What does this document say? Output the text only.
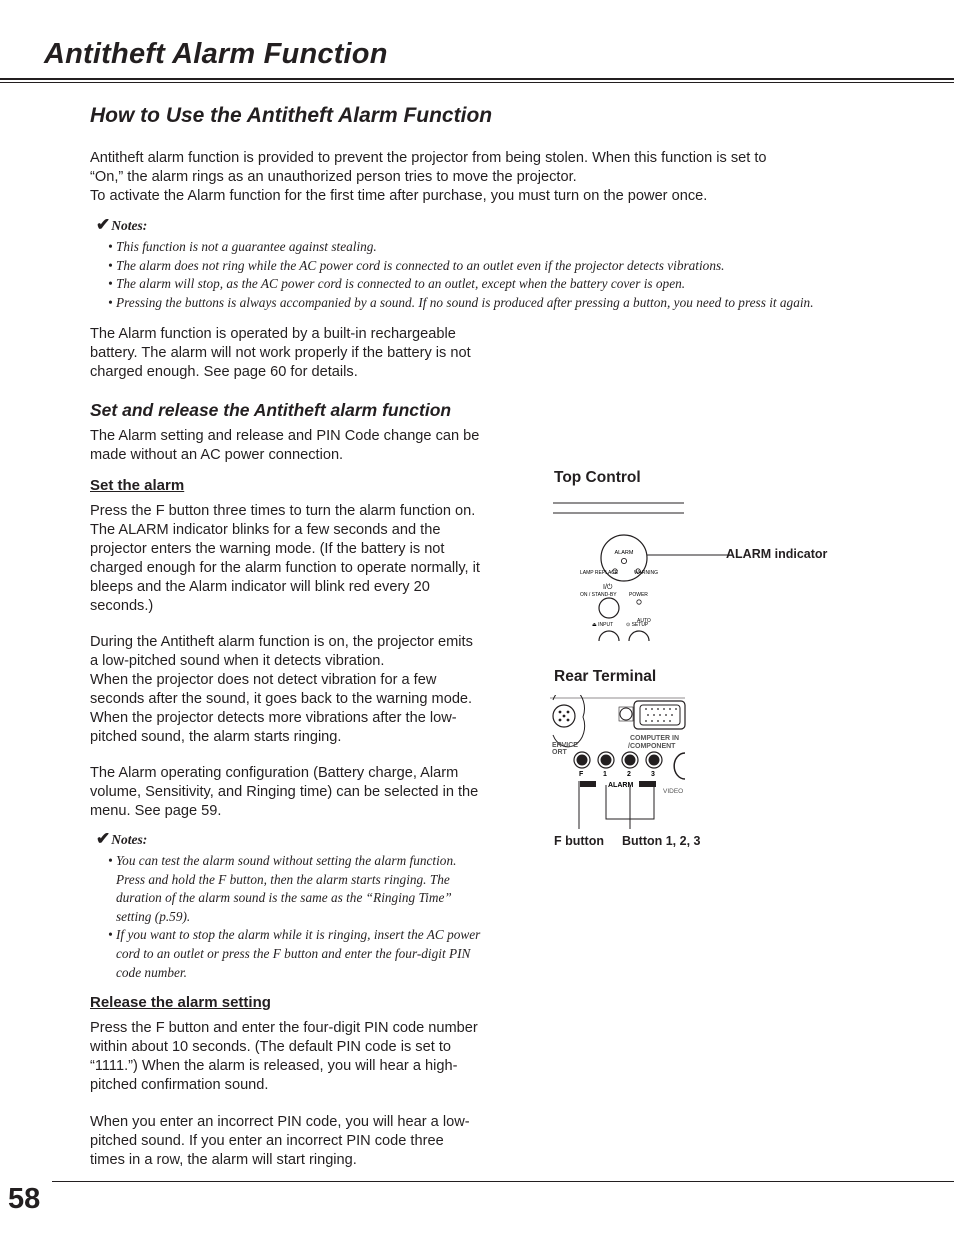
Antitheft Alarm Function
How to Use the Antitheft Alarm Function

Antitheft alarm function is provided to prevent the projector from being stolen. When this function is set to

“On,” the alarm rings as an unauthorized person tries to move the projector.

To activate the Alarm function for the first time after purchase, you must turn on the power once.

✔Notes:

• This function is not a guarantee against stealing.

• The alarm does not ring while the AC power cord is connected to an outlet even if the projector detects vibrations.

• The alarm will stop, as the AC power cord is connected to an outlet, except when the battery cover is open.

• Pressing the buttons is always accompanied by a sound. If no sound is produced after pressing a button, you need to press it again.

The Alarm function is operated by a built-in rechargeable

battery. The alarm will not work properly if the battery is not

charged enough. See page 60 for details.

Set and release the Antitheft alarm function

The Alarm setting and release and PIN Code change can be

made without an AC power connection.

Set the alarm

Press the F button three times to turn the alarm function on.

The ALARM indicator blinks for a few seconds and the

projector enters the warning mode. (If the battery is not

charged enough for the alarm function to operate normally, it

bleeps and the Alarm indicator will blink red every 20

seconds.)

During the Antitheft alarm function is on, the projector emits

a low-pitched sound when it detects vibration.

When the projector does not detect vibration for a few

seconds after the sound, it goes back to the warning mode.

When the projector detects more vibrations after the low-

pitched sound, the alarm starts ringing.

The Alarm operating configuration (Battery charge, Alarm

volume, Sensitivity, and Ringing time) can be selected in the

menu. See page 59.

✔Notes:
• You can test the alarm sound without setting the alarm function.
Press and hold the F button, then the alarm starts ringing. The
duration of the alarm sound is the same as the “Ringing Time”
setting (p.59).
• If you want to stop the alarm while it is ringing, insert the AC power
cord to an outlet or press the F button and enter the four-digit PIN
code number.
Release the alarm setting

Press the F button and enter the four-digit PIN code number

within about 10 seconds. (The default PIN code is set to

“1111.”) When the alarm is released, you will hear a high-

pitched confirmation sound.

When you enter an incorrect PIN code, you will hear a low-

pitched sound. If you enter an incorrect PIN code three

times in a row, the alarm will start ringing.

Top Control

ALARM
LAMP REPLACE	WARNING
I/⏻
ON / STAND-BY POWER
⏏ INPUT
AUTO
⊙ SETUP

ALARM indicator

Rear Terminal

ERVICE
ORT
COMPUTER IN
/COMPONENT
F	1	2	3
ALARM
VIDEO

F button Button 1, 2, 3

58
